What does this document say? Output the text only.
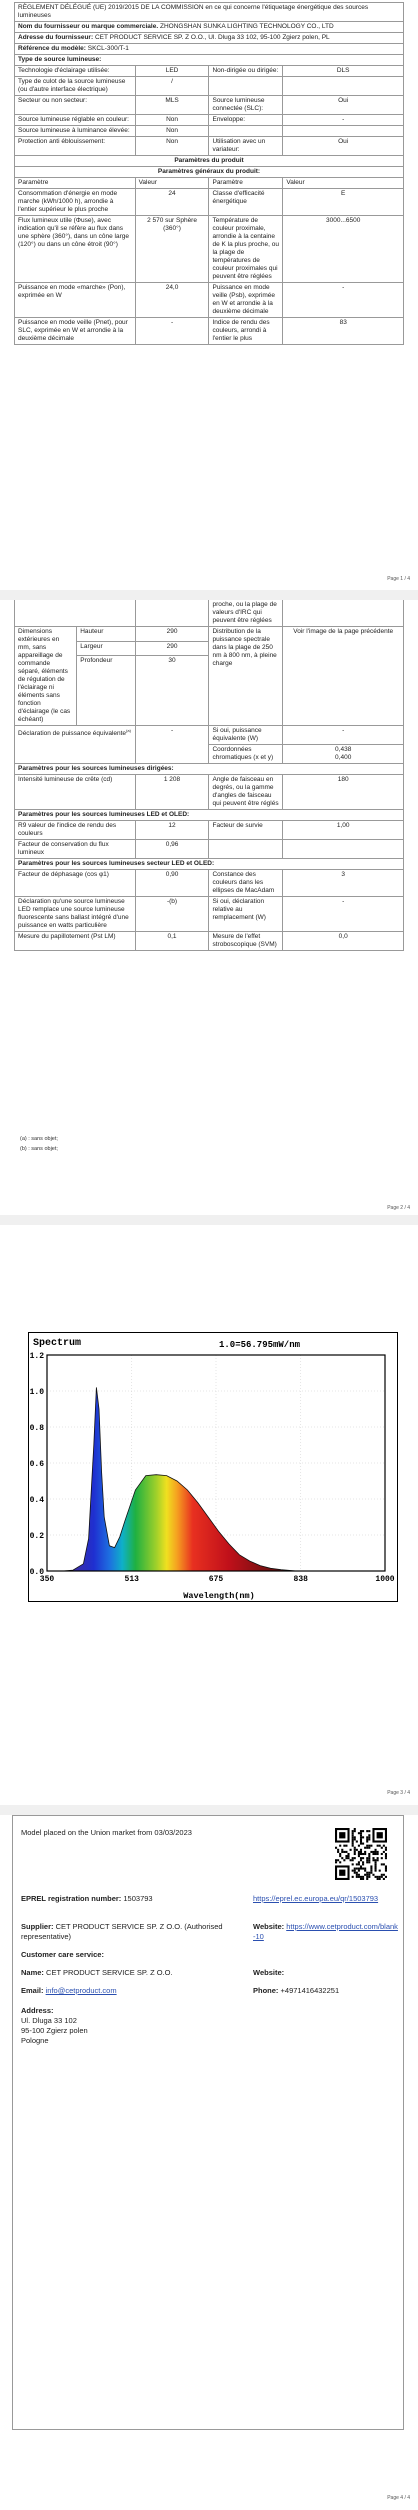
RÈGLEMENT DÉLÉGUÉ (UE) 2019/2015 DE LA COMMISSION en ce qui concerne l'étiquetage énergétique des sources lumineuses			
Nom du fournisseur ou marque commerciale. ZHONGSHAN SUNKA LIGHTING TECHNOLOGY CO., LTD			
Adresse du fournisseur: CET PRODUCT SERVICE SP. Z O.O., Ul. Dluga 33 102, 95-100 Zgierz polen, PL			
Référence du modèle: SKCL-300/T-1			
Type de source lumineuse:			
Technologie d'éclairage utilisée:	LED	Non-dirigée ou dirigée:	DLS
Type de culot de la source lumineuse
(ou d'autre interface électrique)	/		
Secteur ou non secteur:	MLS	Source lumineuse connectée (SLC):	Oui
Source lumineuse réglable en couleur:	Non	Enveloppe:	-
Source lumineuse à luminance élevée:	Non		
Protection anti éblouissement:	Non	Utilisation avec un variateur:	Oui
Paramètres du produit			
Paramètres généraux du produit:			
Paramètre	Valeur	Paramètre	Valeur
Consommation d'énergie en mode marche (kWh/1000 h), arrondie à l'entier supérieur le plus proche	24	Classe d'efficacité énergétique	E
Flux lumineux utile (Φuse), avec indication qu'il se réfère au flux dans une sphère (360°), dans un cône large (120°) ou dans un cône étroit (90°)	2 570 sur Sphère (360°)	Température de couleur proximale, arrondie à la centaine de K la plus proche, ou la plage de températures de couleur proximales qui peuvent être réglées	3000...6500
Puissance en mode «marche» (Pon), exprimée en W	24,0	Puissance en mode veille (Psb), exprimée en W et arrondie à la deuxième décimale	-
Puissance en mode veille (Pnet), pour SLC, exprimée en W et arrondie à la deuxième décimale	-	Indice de rendu des couleurs, arrondi à l'entier le plus	83
Page 1 / 4
			proche, ou la plage de valeurs d'IRC qui peuvent être réglées	
Dimensions extérieures en mm, sans appareillage de commande séparé, éléments de régulation de l'éclairage ni éléments sans fonction d'éclairage (le cas échéant)	Hauteur	290	Distribution de la puissance spectrale dans la plage de 250 nm à 800 nm, à pleine charge	Voir l'image de la page précédente
	Largeur	290		
	Profondeur	30		
Déclaration de puissance équivalente$^{(a)}$		-	Si oui, puissance équivalente (W)	-
			Coordonnées chromatiques (x et y)	0,438
0,400

Paramètres pour les sources lumineuses dirigées:				
Intensité lumineuse de crête (cd)		1 208	Angle de faisceau en degrés, ou la gamme d'angles de faisceau qui peuvent être réglés	180
Paramètres pour les sources lumineuses LED et OLED:				
R9 valeur de l'indice de rendu des couleurs		12	Facteur de survie	1,00
Facteur de conservation du flux lumineux		0,96		
Paramètres pour les sources lumineuses secteur LED et OLED:				
Facteur de déphasage (cos φ1)		0,90	Constance des couleurs dans les ellipses de MacAdam	3
Déclaration qu'une source lumineuse LED remplace une source lumineuse fluorescente sans ballast intégré d'une puissance en watts particulière		-(b)	Si oui, déclaration relative au remplacement (W)	-
Mesure du papillotement (Pst LM)		0,1	Mesure de l'effet stroboscopique (SVM)	0,0
(a) : sans objet;
(b) : sans objet;
Page 2 / 4
Page 3 / 4
0.0
0.2
0.4
0.6
0.8
1.0
1.2
350	513	675	838	1000
Spectrum	1.0=56.795mW/nm
Wavelength(nm)
Page 4 / 4
Model placed on the Union market from 03/03/2023
EPREL registration number: 1503793	https://eprel.ec.europa.eu/qr/1503793
Supplier: CET PRODUCT SERVICE SP. Z O.O. (Authorised representative)
Website: https://www.cetproduct.com/blank-10
Customer care service:
Name: CET PRODUCT SERVICE SP. Z O.O.	Website:
Email: info@cetproduct.com	Phone: +4971416432251
Address:
Ul. Dluga 33 102
95-100 Zgierz polen
Pologne
